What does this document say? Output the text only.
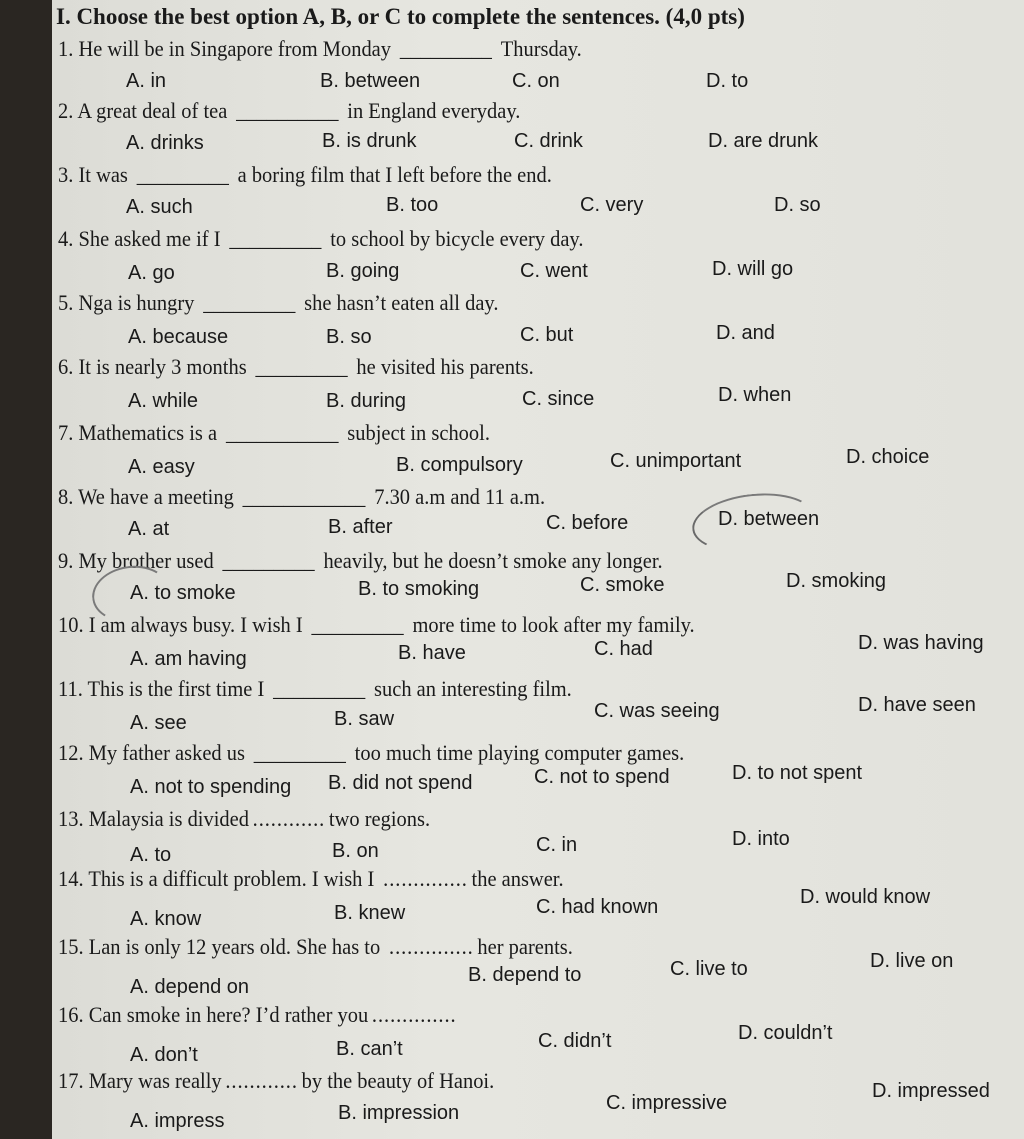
I. Choose the best option A, B, or C to complete the sentences. (4,0 pts)
1. He will be in Singapore from Monday _________ Thursday.
A. in	B. between	C. on	D. to
2. A great deal of tea __________ in England everyday.
A. drinks	B. is drunk	C. drink	D. are drunk
3. It was _________ a boring film that I left before the end.
A. such	B. too	C. very	D. so
4. She asked me if I _________ to school by bicycle every day.
A. go	B. going	C. went	D. will go
5. Nga is hungry _________ she hasn’t eaten all day.
A. because	B. so	C. but	D. and
6. It is nearly 3 months _________ he visited his parents.
A. while	B. during	C. since	D. when
7. Mathematics is a ___________ subject in school.
A. easy	B. compulsory	C. unimportant	D. choice
8. We have a meeting ____________ 7.30 a.m and 11 a.m.
A. at	B. after	C. before	D. between
9. My brother used _________ heavily, but he doesn’t smoke any longer.
A. to smoke	B. to smoking	C. smoke	D. smoking
10. I am always busy. I wish I _________ more time to look after my family.
A. am having	B. have	C. had	D. was having
11. This is the first time I _________ such an interesting film.
A. see	B. saw	C. was seeing	D. have seen
12. My father asked us _________ too much time playing computer games.
A. not to spending B. did not spend	C. not to spend	D. to not spent
13. Malaysia is divided ............ two regions.
A. to	B. on	C. in	D. into
14. This is a difficult problem. I wish I .............. the answer.
A. know	B. knew	C. had known	D. would know
15. Lan is only 12 years old. She has to .............. her parents.
A. depend on
B. depend to	C. live to	D. live on
16. Can smoke in here? I’d rather you ..............
A. don’t	B. can’t	C. didn’t	D. couldn’t
17. Mary was really ............ by the beauty of Hanoi.
A. impress	B. impression	C. impressive
D. impressed
